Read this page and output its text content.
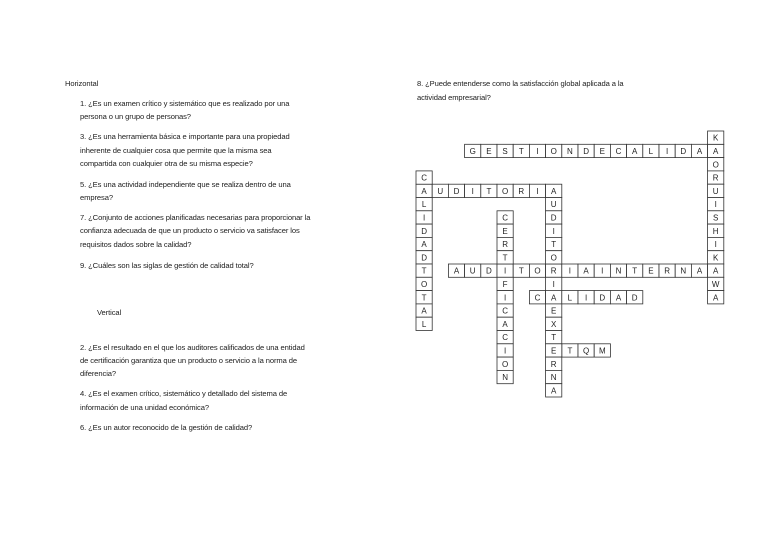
Horizontal
1. ¿Es un examen crítico y sistemático que es realizado por una
persona o un grupo de personas?
3. ¿Es una herramienta básica e importante para una propiedad
inherente de cualquier cosa que permite que la misma sea
compartida con cualquier otra de su misma especie?
5. ¿Es una actividad independiente que se realiza dentro de una
empresa?
7. ¿Conjunto de acciones planificadas necesarias para proporcionar la
confianza adecuada de que un producto o servicio va satisfacer los
requisitos dados sobre la calidad?
9. ¿Cuáles son las siglas de gestión de calidad total?
Vertical
2. ¿Es el resultado en el que los auditores calificados de una entidad
de certificación garantiza que un producto o servicio a la norma de
diferencia?
4. ¿Es el examen crítico, sistemático y detallado del sistema de
información de una unidad económica?
6. ¿Es un autor reconocido de la gestión de calidad?
8. ¿Puede entenderse como la satisfacción global aplicada a la
actividad empresarial?
G E S T I O N D E C A L I D A A
A U D I T O R I A
A U D I T O R I A I N T E R N A
C A L I D A D
T Q M
C
L
I
D
A
D
T
O
T
A
L
C
E
R
T
F
I
C
A
C
I
O
N
U
D
I
T
O
I
E
X
T
E
R
N
A
K
O
R
U
I
S
H
I
K
A
W
A
